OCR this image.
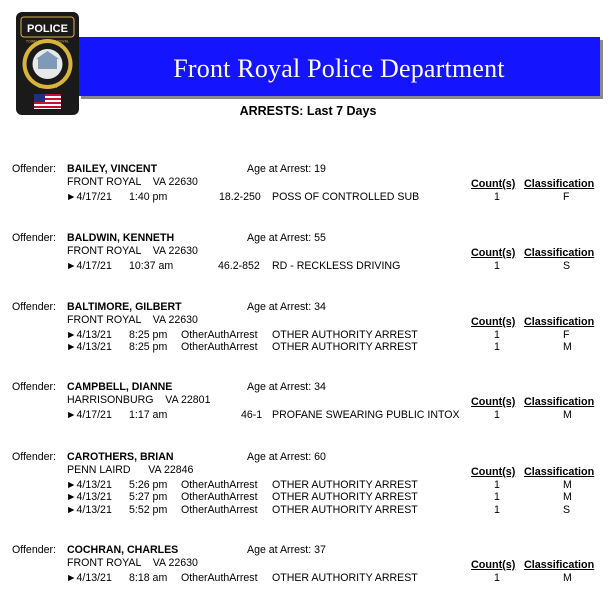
Front Royal Police Department
POLICE
TOWN OF FRONT ROYAL
VIRGINIA
ARRESTS: Last 7 Days
Offender: BAILEY, VINCENT	Age at Arrest: 19
FRONT ROYAL    VA 22630	Count(s) Classification
►4/17/21 1:40 pm	18.2-250 POSS OF CONTROLLED SUB	1	F
Offender: BALDWIN, KENNETH	Age at Arrest: 55
FRONT ROYAL    VA 22630	Count(s) Classification
►4/17/21 10:37 am	46.2-852 RD - RECKLESS DRIVING	1	S
Offender: BALTIMORE, GILBERT	Age at Arrest: 34
FRONT ROYAL    VA 22630	Count(s) Classification
►4/13/21 8:25 pm OtherAuthArrest OTHER AUTHORITY ARREST	1	F
►4/13/21 8:25 pm OtherAuthArrest OTHER AUTHORITY ARREST	1	M
Offender: CAMPBELL, DIANNE	Age at Arrest: 34
HARRISONBURG    VA 22801	Count(s) Classification
►4/17/21 1:17 am	46-1 PROFANE SWEARING PUBLIC INTOX	1	M
Offender: CAROTHERS, BRIAN	Age at Arrest: 60
PENN LAIRD      VA 22846	Count(s) Classification
►4/13/21 5:26 pm OtherAuthArrest OTHER AUTHORITY ARREST	1	M
►4/13/21 5:27 pm OtherAuthArrest OTHER AUTHORITY ARREST	1	M
►4/13/21 5:52 pm OtherAuthArrest OTHER AUTHORITY ARREST	1	S
Offender: COCHRAN, CHARLES	Age at Arrest: 37
FRONT ROYAL    VA 22630	Count(s) Classification
►4/13/21 8:18 am OtherAuthArrest OTHER AUTHORITY ARREST	1	M
